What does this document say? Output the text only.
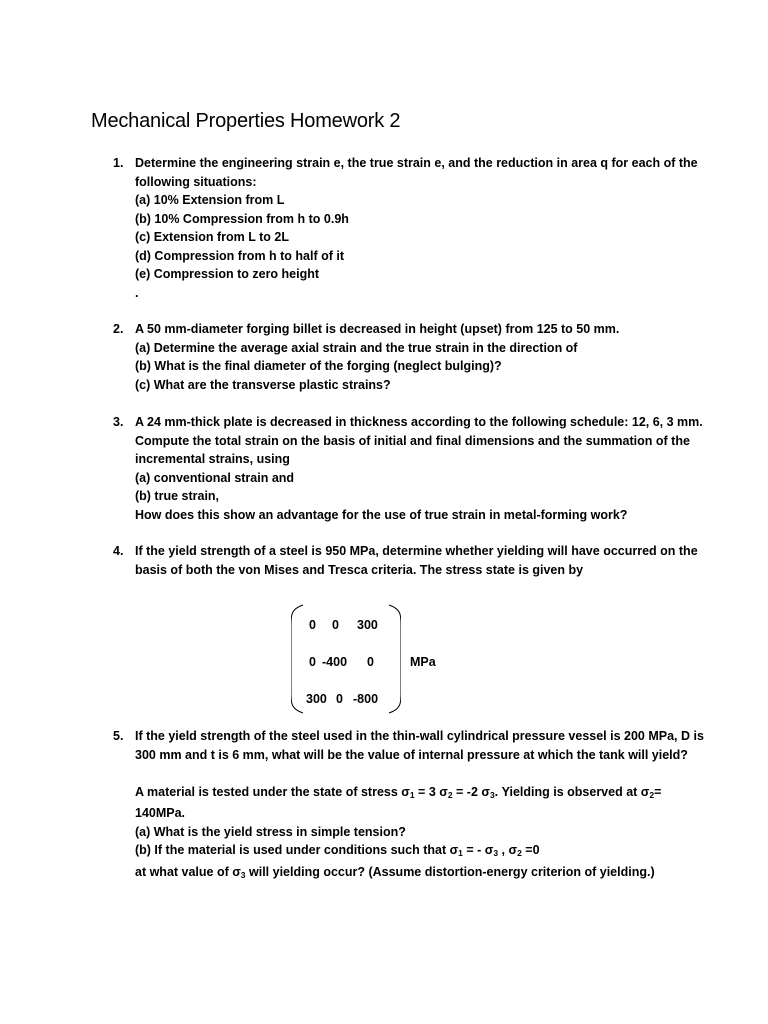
Mechanical Properties Homework 2
1. Determine the engineering strain e, the true strain e, and the reduction in area q for each of the

following situations:

(a) 10% Extension from L

(b) 10% Compression from h to 0.9h

(c) Extension from L to 2L

(d) Compression from h to half of it

(e) Compression to zero height

.

2. A 50 mm-diameter forging billet is decreased in height (upset) from 125 to 50 mm.

(a) Determine the average axial strain and the true strain in the direction of

(b) What is the final diameter of the forging (neglect bulging)?

(c) What are the transverse plastic strains?

3. A 24 mm-thick plate is decreased in thickness according to the following schedule: 12, 6, 3 mm.

Compute the total strain on the basis of initial and final dimensions and the summation of the

incremental strains, using

(a) conventional strain and

(b) true strain,

How does this show an advantage for the use of true strain in metal-forming work?

4. If the yield strength of a steel is 950 MPa, determine whether yielding will have occurred on the

basis of both the von Mises and Tresca criteria. The stress state is given by

0 0 300
0 -400 0
300 0 -800
MPa
5. If the yield strength of the steel used in the thin-wall cylindrical pressure vessel is 200 MPa, D is

300 mm and t is 6 mm, what will be the value of internal pressure at which the tank will yield?

A material is tested under the state of stress $\sigma_1 = 3$ $\sigma_2 = -2$ $\sigma_3$. Yielding is observed at $\sigma_2=$

140MPa.

(a) What is the yield stress in simple tension?

(b) If the material is used under conditions such that $\sigma_1$ = - $\sigma_3$ , $\sigma_2 =0$

at what value of $\sigma_3$ will yielding occur? (Assume distortion-energy criterion of yielding.)
